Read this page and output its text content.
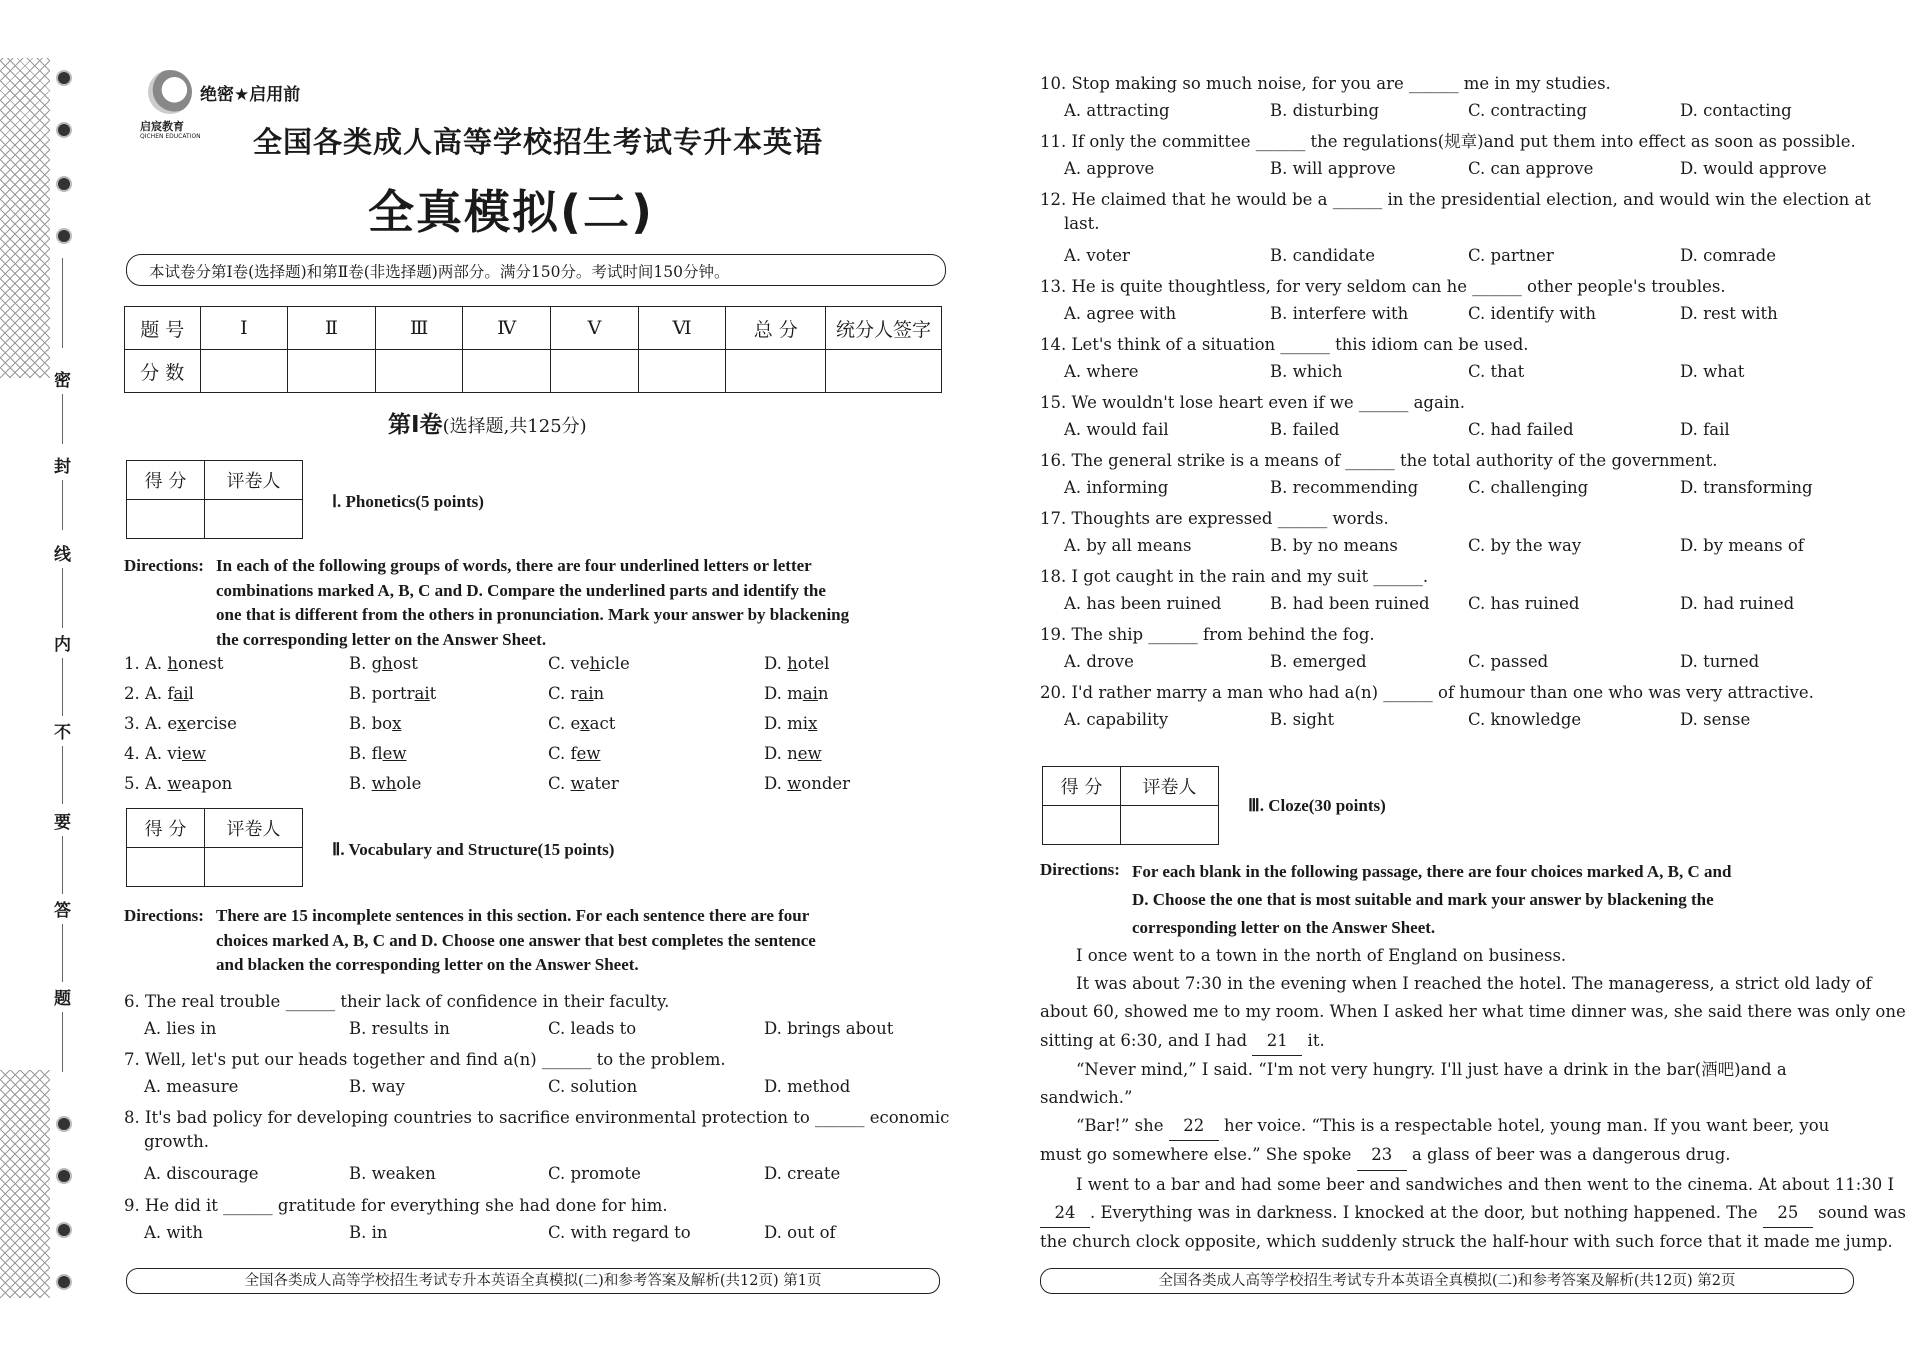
密
封
线
内
不
要
答
题
启宸教育
QICHEN EDUCATION
绝密★启用前
全国各类成人高等学校招生考试专升本英语
全真模拟(二)
本试卷分第Ⅰ卷(选择题)和第Ⅱ卷(非选择题)两部分。满分150分。考试时间150分钟。
题 号	Ⅰ	Ⅱ	Ⅲ	Ⅳ	Ⅴ	Ⅵ	总 分	统分人签字
分 数								
第Ⅰ卷(选择题,共125分)
得 分	评卷人

Ⅰ. Phonetics(5 points)
Directions: In each of the following groups of words, there are four underlined letters or letter
combinations marked A, B, C and D. Compare the underlined parts and identify the
one that is different from the others in pronunciation. Mark your answer by blackening
the corresponding letter on the Answer Sheet.
1. A. honest	B. ghost	C. vehicle	D. hotel
2. A. fail	B. portrait	C. rain	D. main
3. A. exercise	B. box	C. exact	D. mix
4. A. view	B. flew	C. few	D. new
5. A. weapon	B. whole	C. water	D. wonder
得 分	评卷人

Ⅱ. Vocabulary and Structure(15 points)
Directions: There are 15 incomplete sentences in this section. For each sentence there are four
choices marked A, B, C and D. Choose one answer that best completes the sentence
and blacken the corresponding letter on the Answer Sheet.
6. The real trouble ______ their lack of confidence in their faculty.
A. lies in	B. results in	C. leads to	D. brings about
7. Well, let's put our heads together and find a(n) ______ to the problem.
A. measure	B. way	C. solution	D. method
8. It's bad policy for developing countries to sacrifice environmental protection to ______ economic
growth.
A. discourage	B. weaken	C. promote	D. create
9. He did it ______ gratitude for everything she had done for him.
A. with	B. in	C. with regard to	D. out of
全国各类成人高等学校招生考试专升本英语全真模拟(二)和参考答案及解析(共12页) 第1页
10. Stop making so much noise, for you are ______ me in my studies.
A. attracting	B. disturbing	C. contracting	D. contacting
11. If only the committee ______ the regulations(规章)and put them into effect as soon as possible.
A. approve	B. will approve	C. can approve	D. would approve
12. He claimed that he would be a ______ in the presidential election, and would win the election at
last.
A. voter	B. candidate	C. partner	D. comrade
13. He is quite thoughtless, for very seldom can he ______ other people's troubles.
A. agree with	B. interfere with	C. identify with	D. rest with
14. Let's think of a situation ______ this idiom can be used.
A. where	B. which	C. that	D. what
15. We wouldn't lose heart even if we ______ again.
A. would fail	B. failed	C. had failed	D. fail
16. The general strike is a means of ______ the total authority of the government.
A. informing	B. recommending	C. challenging	D. transforming
17. Thoughts are expressed ______ words.
A. by all means	B. by no means	C. by the way	D. by means of
18. I got caught in the rain and my suit ______.
A. has been ruined	B. had been ruined C. has ruined	D. had ruined
19. The ship ______ from behind the fog.
A. drove	B. emerged	C. passed	D. turned
20. I'd rather marry a man who had a(n) ______ of humour than one who was very attractive.
A. capability	B. sight	C. knowledge	D. sense
得 分	评卷人

Ⅲ. Cloze(30 points)
Directions: For each blank in the following passage, there are four choices marked A, B, C and
D. Choose the one that is most suitable and mark your answer by blackening the
corresponding letter on the Answer Sheet.
I once went to a town in the north of England on business.
It was about 7:30 in the evening when I reached the hotel. The manageress, a strict old lady of
about 60, showed me to my room. When I asked her what time dinner was, she said there was only one
sitting at 6:30, and I had 21 it.
“Never mind,” I said. “I'm not very hungry. I'll just have a drink in the bar(酒吧)and a
sandwich.”
“Bar!” she 22 her voice. “This is a respectable hotel, young man. If you want beer, you
must go somewhere else.” She spoke 23 a glass of beer was a dangerous drug.
I went to a bar and had some beer and sandwiches and then went to the cinema. At about 11:30 I
24 . Everything was in darkness. I knocked at the door, but nothing happened. The 25 sound was
the church clock opposite, which suddenly struck the half-hour with such force that it made me jump.
全国各类成人高等学校招生考试专升本英语全真模拟(二)和参考答案及解析(共12页) 第2页
